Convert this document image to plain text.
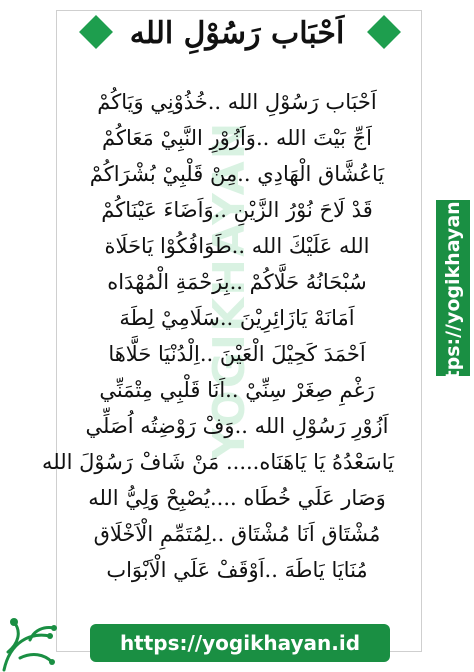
اَحْبَاب رَسُوْلِ الله
YOGIKHAYAN
اَحْبَاب رَسُوْلِ الله ..خُذُوْنِي وَيَاكُمْ
اَجِّ بَيْتَ الله ..وَاَزُوْرِ النَّبِيْ مَعَاكُمْ
يَاعُشَّاق الْهَادِي ..مِنْ قَلْبِيْ بُشْرَاكُمْ
قَدْ لَاحَ نُوْرُ الزَّيْنِ ..وَاَضَاءَ عَيْنَاكُمْ
الله عَلَيْكَ الله ..طَوَافُكُوْا يَاحَلَاة
سُبْحَانُهُ حَلَّاكُمْ ..بِرَحْمَةِ الْمُهْدَاه
اَمَانَهْ يَازَائِرِيْنَ ..سَلَامِيْ لِطَهَ
اَحْمَدَ كَحِيْلَ الْعَيْنَ ..اِلْدُنْيَا حَلَّاهَا
رَغْمِ صِغَرْ سِنِّيْ ..اَنَا قَلْبِي مِتْمَنِّي
اَزُوْرِ رَسُوْلِ الله ..وَفْ رَوْضِتُه اُصَلِّي
يَاسَعْدُهُ يَا يَاهَنَاه..... مَنْ شَافْ رَسُوْلَ الله
وَصَار عَلَي خُطَاه ....يُصْبِحْ وَلِيُّ الله
مُشْتَاق اَنَا مُشْتَاق ..لِمُتَمِّمِ الْاَخْلَاق
مُنَايَا يَاطَهَ ..اَوْقَفْ عَلَي الْاَبْوَاب
https://yogikhayan.id
https://yogikhayan.id
